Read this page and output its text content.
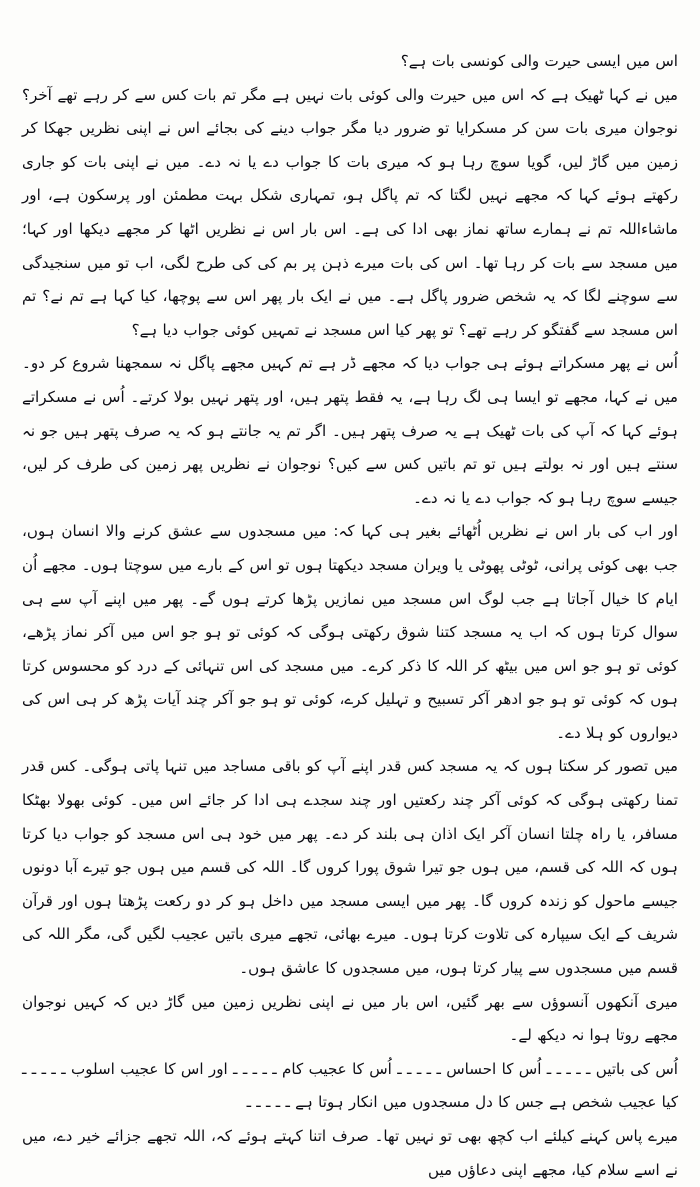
اس میں ایسی حیرت والی کونسی بات ہے؟

میں نے کہا ٹھیک ہے کہ اس میں حیرت والی کوئی بات نہیں ہے مگر تم بات کس سے کر رہے تھے آخر؟ نوجوان میری بات سن کر مسکرایا تو ضرور دیا مگر جواب دینے کی بجائے اس نے اپنی نظریں جھکا کر زمین میں گاڑ لیں، گویا سوچ رہا ہو کہ میری بات کا جواب دے یا نہ دے۔ میں نے اپنی بات کو جاری رکھتے ہوئے کہا کہ مجھے نہیں لگتا کہ تم پاگل ہو، تمہاری شکل بہت مطمئن اور پرسکون ہے، اور ماشاءاللہ تم نے ہمارے ساتھ نماز بھی ادا کی ہے۔ اس بار اس نے نظریں اٹھا کر مجھے دیکھا اور کہا؛ میں مسجد سے بات کر رہا تھا۔ اس کی بات میرے ذہن پر بم کی کی طرح لگی، اب تو میں سنجیدگی سے سوچنے لگا کہ یہ شخص ضرور پاگل ہے۔ میں نے ایک بار پھر اس سے پوچھا، کیا کہا ہے تم نے؟ تم اس مسجد سے گفتگو کر رہے تھے؟ تو پھر کیا اس مسجد نے تمہیں کوئی جواب دیا ہے؟

اُس نے پھر مسکراتے ہوئے ہی جواب دیا کہ مجھے ڈر ہے تم کہیں مجھے پاگل نہ سمجھنا شروع کر دو۔ میں نے کہا، مجھے تو ایسا ہی لگ رہا ہے، یہ فقط پتھر ہیں، اور پتھر نہیں بولا کرتے۔ اُس نے مسکراتے ہوئے کہا کہ آپ کی بات ٹھیک ہے یہ صرف پتھر ہیں۔ اگر تم یہ جانتے ہو کہ یہ صرف پتھر ہیں جو نہ سنتے ہیں اور نہ بولتے ہیں تو تم باتیں کس سے کیں؟ نوجوان نے نظریں پھر زمین کی طرف کر لیں، جیسے سوچ رہا ہو کہ جواب دے یا نہ دے۔

اور اب کی بار اس نے نظریں اُٹھائے بغیر ہی کہا کہ: میں مسجدوں سے عشق کرنے والا انسان ہوں، جب بھی کوئی پرانی، ٹوٹی پھوٹی یا ویران مسجد دیکھتا ہوں تو اس کے بارے میں سوچتا ہوں۔ مجھے اُن ایام کا خیال آجاتا ہے جب لوگ اس مسجد میں نمازیں پڑھا کرتے ہوں گے۔ پھر میں اپنے آپ سے ہی سوال کرتا ہوں کہ اب یہ مسجد کتنا شوق رکھتی ہوگی کہ کوئی تو ہو جو اس میں آکر نماز پڑھے، کوئی تو ہو جو اس میں بیٹھ کر اللہ کا ذکر کرے۔ میں مسجد کی اس تنہائی کے درد کو محسوس کرتا ہوں کہ کوئی تو ہو جو ادھر آکر تسبیح و تہلیل کرے، کوئی تو ہو جو آکر چند آیات پڑھ کر ہی اس کی دیواروں کو ہلا دے۔

میں تصور کر سکتا ہوں کہ یہ مسجد کس قدر اپنے آپ کو باقی مساجد میں تنہا پاتی ہوگی۔ کس قدر تمنا رکھتی ہوگی کہ کوئی آکر چند رکعتیں اور چند سجدے ہی ادا کر جائے اس میں۔ کوئی بھولا بھٹکا مسافر، یا راہ چلتا انسان آکر ایک اذان ہی بلند کر دے۔ پھر میں خود ہی اس مسجد کو جواب دیا کرتا ہوں کہ اللہ کی قسم، میں ہوں جو تیرا شوق پورا کروں گا۔ اللہ کی قسم میں ہوں جو تیرے آبا دونوں جیسے ماحول کو زندہ کروں گا۔ پھر میں ایسی مسجد میں داخل ہو کر دو رکعت پڑھتا ہوں اور قرآن شریف کے ایک سیپارہ کی تلاوت کرتا ہوں۔ میرے بھائی، تجھے میری باتیں عجیب لگیں گی، مگر اللہ کی قسم میں مسجدوں سے پیار کرتا ہوں، میں مسجدوں کا عاشق ہوں۔

میری آنکھوں آنسوؤں سے بھر گئیں، اس بار میں نے اپنی نظریں زمین میں گاڑ دیں کہ کہیں نوجوان مجھے روتا ہوا نہ دیکھ لے۔

اُس کی باتیں ـ ـ ـ ـ ـ اُس کا احساس ـ ـ ـ ـ ـ اُس کا عجیب کام ـ ـ ـ ـ ـ اور اس کا عجیب اسلوب ـ ـ ـ ـ ـ کیا عجیب شخص ہے جس کا دل مسجدوں میں انکار ہوتا ہے ـ ـ ـ ـ ـ

میرے پاس کہنے کیلئے اب کچھ بھی تو نہیں تھا۔ صرف اتنا کہتے ہوئے کہ، اللہ تجھے جزائے خیر دے، میں نے اسے سلام کیا، مجھے اپنی دعاؤں میں
